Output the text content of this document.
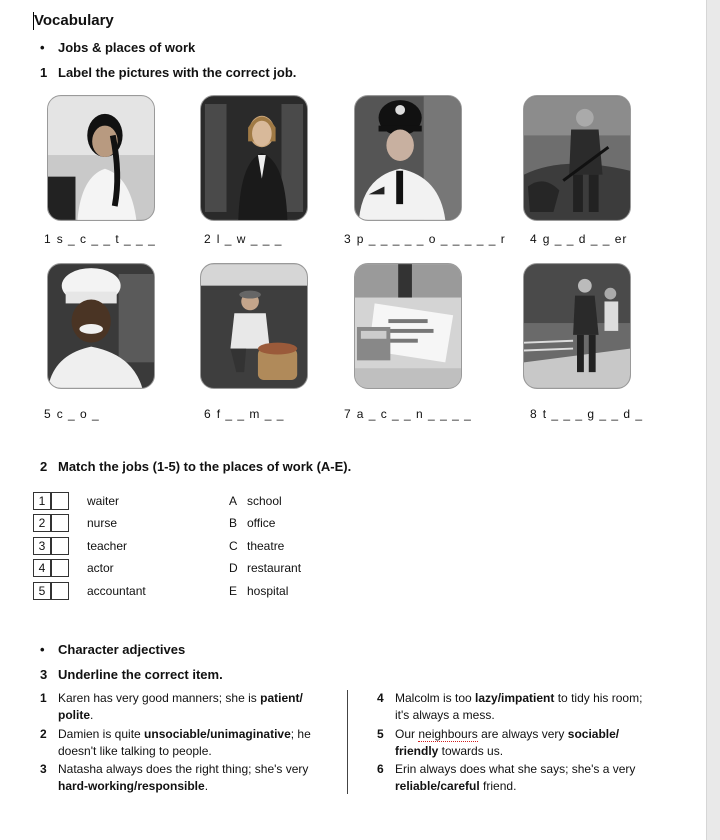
Vocabulary
• Jobs & places of work
1 Label the pictures with the correct job.
1 s _ c _ _ t _ _ _	2 l _ w _ _ _	3 p _ _ _ _ _ o _ _ _ _ _ r 4 g _ _ d _ _ er
5 c _ o _	6 f _ _ m _ _	7 a _ c _ _ n _ _ _ _	8 t _ _ _ g _ _ d _
2 Match the jobs (1-5) to the places of work (A-E).
1	waiter	A school
2	nurse	B office
3	teacher	C theatre
4	actor	D restaurant
5	accountant	E hospital
• Character adjectives
3 Underline the correct item.
1 Karen has very good manners; she is patient/
polite.
2 Damien is quite unsociable/unimaginative; he
doesn't like talking to people.
3 Natasha always does the right thing; she's very
hard-working/responsible.
4 Malcolm is too lazy/impatient to tidy his room;
it's always a mess.
5 Our neighbours are always very sociable/
friendly towards us.
6 Erin always does what she says; she's a very
reliable/careful friend.
